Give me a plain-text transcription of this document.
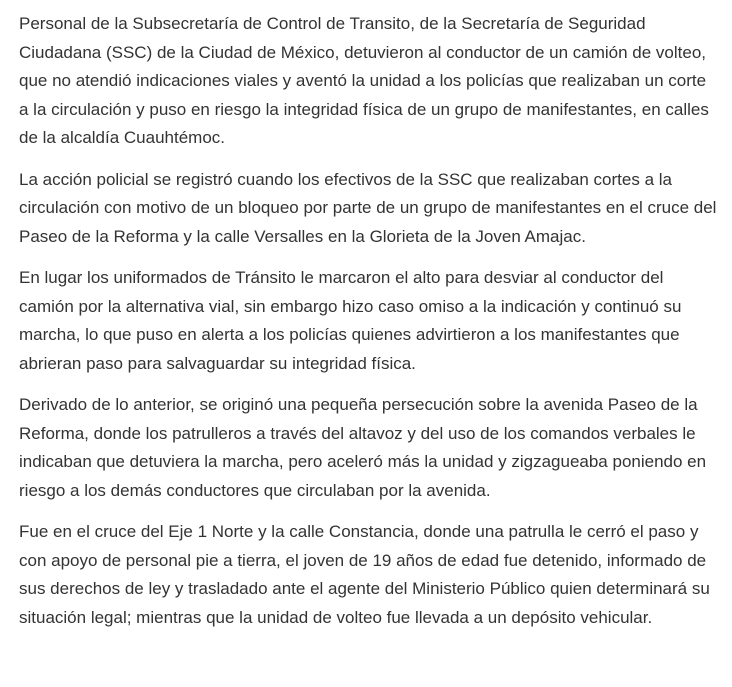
Personal de la Subsecretaría de Control de Transito, de la Secretaría de Seguridad Ciudadana (SSC) de la Ciudad de México, detuvieron al conductor de un camión de volteo, que no atendió indicaciones viales y aventó la unidad a los policías que realizaban un corte a la circulación y puso en riesgo la integridad física de un grupo de manifestantes, en calles de la alcaldía Cuauhtémoc.

La acción policial se registró cuando los efectivos de la SSC que realizaban cortes a la circulación con motivo de un bloqueo por parte de un grupo de manifestantes en el cruce del Paseo de la Reforma y la calle Versalles en la Glorieta de la Joven Amajac.

En lugar los uniformados de Tránsito le marcaron el alto para desviar al conductor del camión por la alternativa vial, sin embargo hizo caso omiso a la indicación y continuó su marcha, lo que puso en alerta a los policías quienes advirtieron a los manifestantes que abrieran paso para salvaguardar su integridad física.

Derivado de lo anterior, se originó una pequeña persecución sobre la avenida Paseo de la Reforma, donde los patrulleros a través del altavoz y del uso de los comandos verbales le indicaban que detuviera la marcha, pero aceleró más la unidad y zigzagueaba poniendo en riesgo a los demás conductores que circulaban por la avenida.

Fue en el cruce del Eje 1 Norte y la calle Constancia, donde una patrulla le cerró el paso y con apoyo de personal pie a tierra, el joven de 19 años de edad fue detenido, informado de sus derechos de ley y trasladado ante el agente del Ministerio Público quien determinará su situación legal; mientras que la unidad de volteo fue llevada a un depósito vehicular.
